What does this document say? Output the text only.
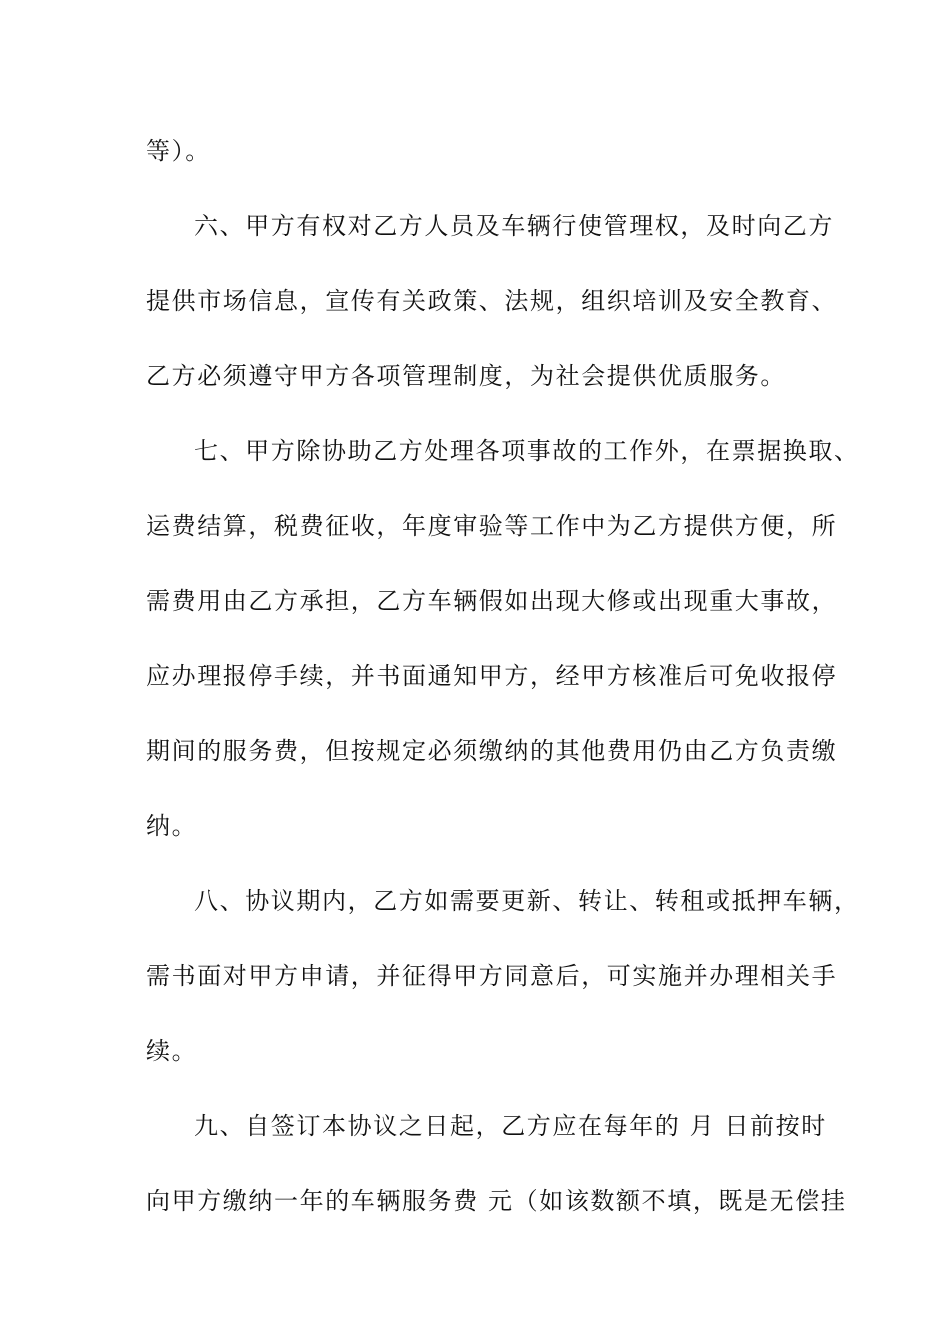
等）。
六、甲方有权对乙方人员及车辆行使管理权，及时向乙方
提供市场信息，宣传有关政策、法规，组织培训及安全教育、
乙方必须遵守甲方各项管理制度，为社会提供优质服务。
七、甲方除协助乙方处理各项事故的工作外，在票据换取、
运费结算，税费征收，年度审验等工作中为乙方提供方便，所
需费用由乙方承担，乙方车辆假如出现大修或出现重大事故，
应办理报停手续，并书面通知甲方，经甲方核准后可免收报停
期间的服务费，但按规定必须缴纳的其他费用仍由乙方负责缴
纳。
八、协议期内，乙方如需要更新、转让、转租或抵押车辆，
需书面对甲方申请，并征得甲方同意后，可实施并办理相关手
续。
九、自签订本协议之日起，乙方应在每年的 月 日前按时
向甲方缴纳一年的车辆服务费 元（如该数额不填，既是无偿挂
